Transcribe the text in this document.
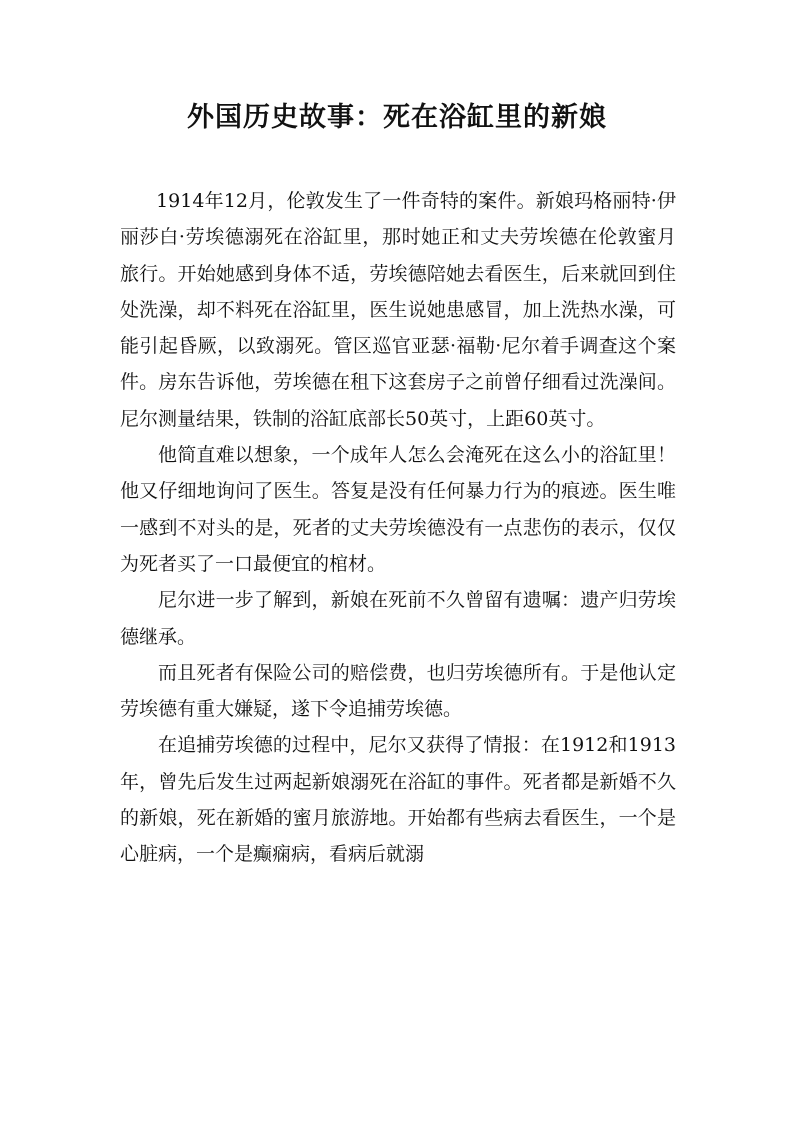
外国历史故事：死在浴缸里的新娘

1914年12月，伦敦发生了一件奇特的案件。新娘玛格丽特·伊丽莎白·劳埃德溺死在浴缸里，那时她正和丈夫劳埃德在伦敦蜜月旅行。开始她感到身体不适，劳埃德陪她去看医生，后来就回到住处洗澡，却不料死在浴缸里，医生说她患感冒，加上洗热水澡，可能引起昏厥，以致溺死。管区巡官亚瑟·福勒·尼尔着手调查这个案件。房东告诉他，劳埃德在租下这套房子之前曾仔细看过洗澡间。尼尔测量结果，铁制的浴缸底部长50英寸，上距60英寸。

他简直难以想象，一个成年人怎么会淹死在这么小的浴缸里！他又仔细地询问了医生。答复是没有任何暴力行为的痕迹。医生唯一感到不对头的是，死者的丈夫劳埃德没有一点悲伤的表示，仅仅为死者买了一口最便宜的棺材。

尼尔进一步了解到，新娘在死前不久曾留有遗嘱：遗产归劳埃德继承。

而且死者有保险公司的赔偿费，也归劳埃德所有。于是他认定劳埃德有重大嫌疑，遂下令追捕劳埃德。

在追捕劳埃德的过程中，尼尔又获得了情报：在1912和1913年，曾先后发生过两起新娘溺死在浴缸的事件。死者都是新婚不久的新娘，死在新婚的蜜月旅游地。开始都有些病去看医生，一个是心脏病，一个是癫痫病，看病后就溺
